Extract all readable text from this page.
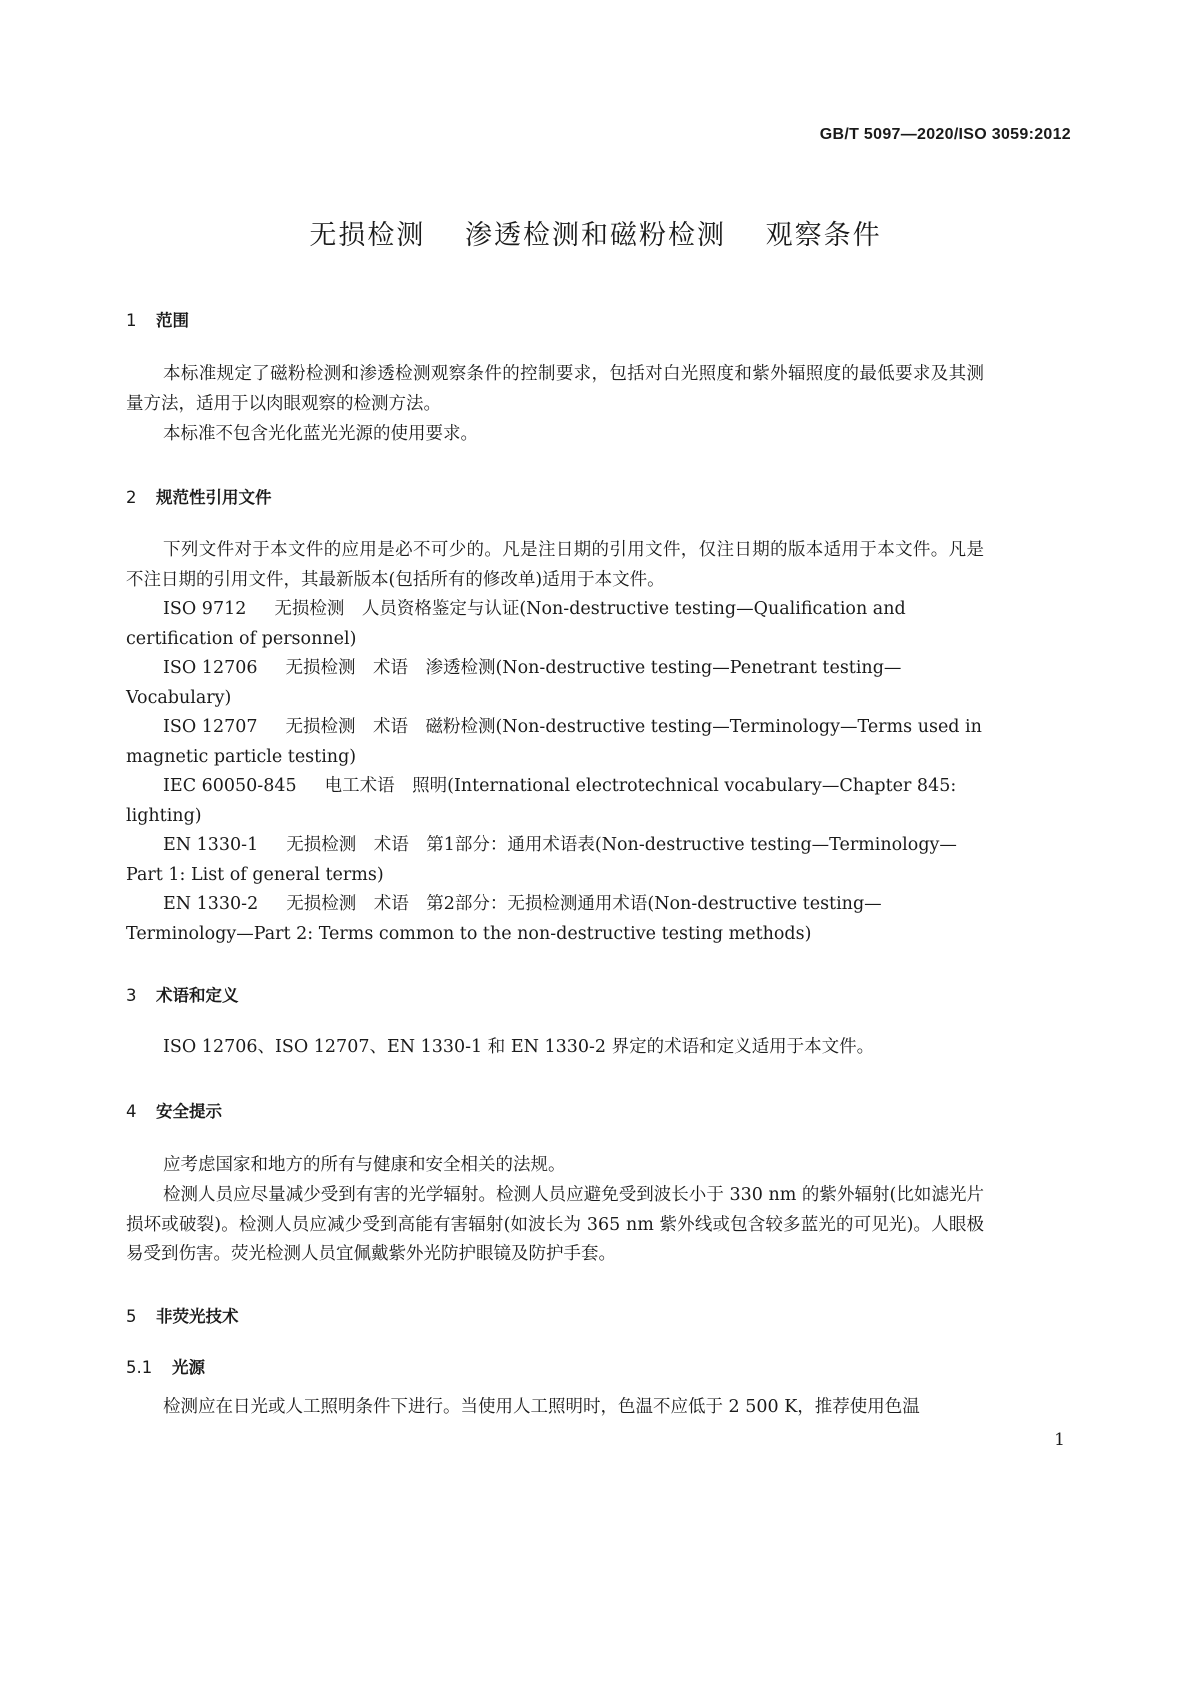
GB/T 5097—2020/ISO 3059:2012
无损检测　 渗透检测和磁粉检测　 观察条件
1 范围
本标准规定了磁粉检测和渗透检测观察条件的控制要求，包括对白光照度和紫外辐照度的最低要求及其测量方法，适用于以肉眼观察的检测方法。
本标准不包含光化蓝光光源的使用要求。
2 规范性引用文件
下列文件对于本文件的应用是必不可少的。凡是注日期的引用文件，仅注日期的版本适用于本文件。凡是不注日期的引用文件，其最新版本(包括所有的修改单)适用于本文件。
ISO 9712 无损检测　人员资格鉴定与认证(Non-destructive testing—Qualification and certification of personnel)
ISO 12706 无损检测　术语　渗透检测(Non-destructive testing—Penetrant testing—Vocabulary)
ISO 12707 无损检测　术语　磁粉检测(Non-destructive testing—Terminology—Terms used in magnetic particle testing)
IEC 60050-845 电工术语　照明(International electrotechnical vocabulary—Chapter 845: lighting)
EN 1330-1 无损检测　术语　第1部分：通用术语表(Non-destructive testing—Terminology—Part 1: List of general terms)
EN 1330-2 无损检测　术语　第2部分：无损检测通用术语(Non-destructive testing—Terminology—Part 2: Terms common to the non-destructive testing methods)
3 术语和定义
ISO 12706、ISO 12707、EN 1330-1 和 EN 1330-2 界定的术语和定义适用于本文件。
4 安全提示
应考虑国家和地方的所有与健康和安全相关的法规。
检测人员应尽量减少受到有害的光学辐射。检测人员应避免受到波长小于 330 nm 的紫外辐射(比如滤光片损坏或破裂)。检测人员应减少受到高能有害辐射(如波长为 365 nm 紫外线或包含较多蓝光的可见光)。人眼极易受到伤害。荧光检测人员宜佩戴紫外光防护眼镜及防护手套。
5 非荧光技术
5.1 光源
检测应在日光或人工照明条件下进行。当使用人工照明时，色温不应低于 2 500 K，推荐使用色温
1
